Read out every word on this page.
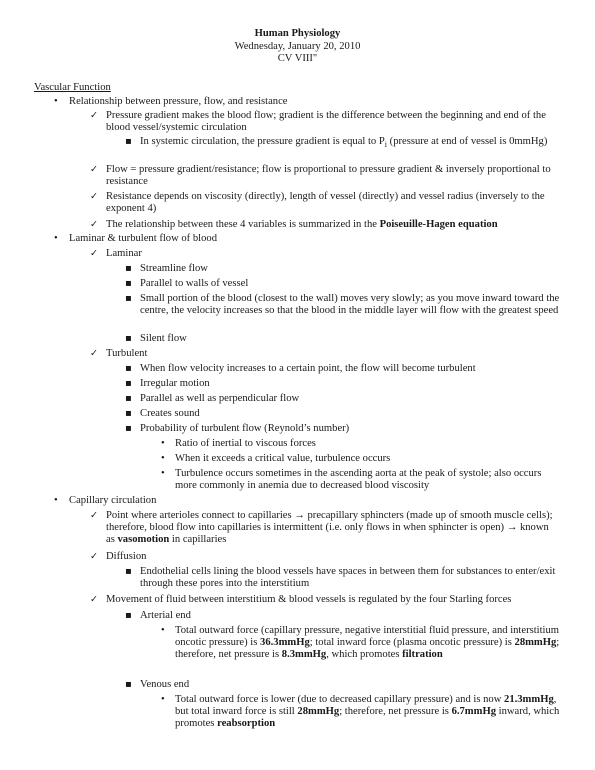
Human Physiology
Wednesday, January 20, 2010
CV VIII"
Vascular Function
•
Relationship between pressure, flow, and resistance
✓
Pressure gradient makes the blood flow; gradient is the difference between the beginning and end of the blood vessel/systemic circulation
▪
In systemic circulation, the pressure gradient is equal to $P_i$ (pressure at end of vessel is 0mmHg)
✓
Flow = pressure gradient/resistance; flow is proportional to pressure gradient & inversely proportional to resistance
✓
Resistance depends on viscosity (directly), length of vessel (directly) and vessel radius (inversely to the exponent 4)
✓
The relationship between these 4 variables is summarized in the Poiseuille-Hagen equation
•
Laminar & turbulent flow of blood
✓
Laminar
▪
Streamline flow
▪
Parallel to walls of vessel
▪
Small portion of the blood (closest to the wall) moves very slowly; as you move inward toward the centre, the velocity increases so that the blood in the middle layer will flow with the greatest speed
▪
Silent flow
✓
Turbulent
▪
When flow velocity increases to a certain point, the flow will become turbulent
▪
Irregular motion
▪
Parallel as well as perpendicular flow
▪
Creates sound
▪
Probability of turbulent flow (Reynold’s number)
•
Ratio of inertial to viscous forces
•
When it exceeds a critical value, turbulence occurs
•
Turbulence occurs sometimes in the ascending aorta at the peak of systole; also occurs more commonly in anemia due to decreased blood viscosity
•
Capillary circulation
✓
Point where arterioles connect to capillaries → precapillary sphincters (made up of smooth muscle cells); therefore, blood flow into capillaries is intermittent (i.e. only flows in when sphincter is open) → known as vasomotion in capillaries
✓
Diffusion
▪
Endothelial cells lining the blood vessels have spaces in between them for substances to enter/exit through these pores into the interstitium
✓
Movement of fluid between interstitium & blood vessels is regulated by the four Starling forces
▪
Arterial end
•
Total outward force (capillary pressure, negative interstitial fluid pressure, and interstitium oncotic pressure) is 36.3mmHg; total inward force (plasma oncotic pressure) is 28mmHg; therefore, net pressure is 8.3mmHg, which promotes filtration
▪
Venous end
•
Total outward force is lower (due to decreased capillary pressure) and is now 21.3mmHg, but total inward force is still 28mmHg; therefore, net pressure is 6.7mmHg inward, which promotes reabsorption
